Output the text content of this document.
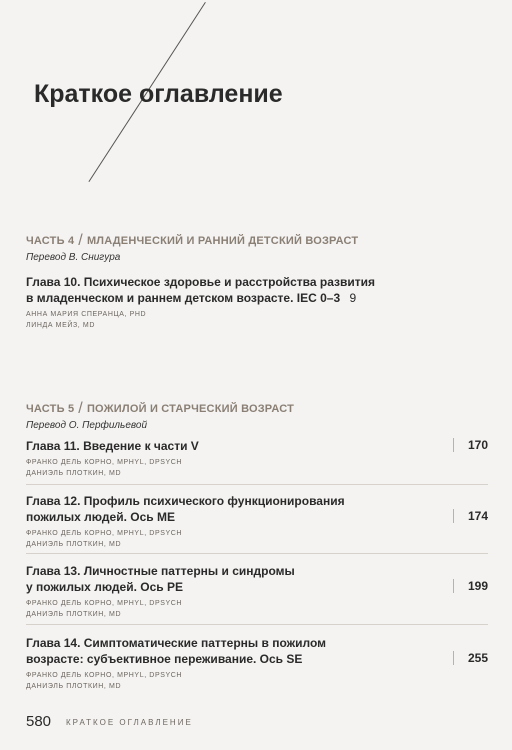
Краткое оглавление
ЧАСТЬ 4 / МЛАДЕНЧЕСКИЙ И РАННИЙ ДЕТСКИЙ ВОЗРАСТ
Перевод В. Снигура
Глава 10. Психическое здоровье и расстройства развития в младенческом и раннем детском возрасте. IEC 0–3 9
АННА МАРИЯ СПЕРАНЦА, PHD
ЛИНДА МЕЙЗ, MD
ЧАСТЬ 5 / ПОЖИЛОЙ И СТАРЧЕСКИЙ ВОЗРАСТ
Перевод О. Перфильевой
Глава 11. Введение к части V	170
ФРАНКО ДЕЛЬ КОРНО, MPHYL, DPSYCH
ДАНИЭЛЬ ПЛОТКИН, MD
Глава 12. Профиль психического функционирования пожилых людей. Ось МЕ	174
ФРАНКО ДЕЛЬ КОРНО, MPHYL, DPSYCH
ДАНИЭЛЬ ПЛОТКИН, MD
Глава 13. Личностные паттерны и синдромы у пожилых людей. Ось PE	199
ФРАНКО ДЕЛЬ КОРНО, MPHYL, DPSYCH
ДАНИЭЛЬ ПЛОТКИН, MD
Глава 14. Симптоматические паттерны в пожилом возрасте: субъективное переживание. Ось SE	255
ФРАНКО ДЕЛЬ КОРНО, MPHYL, DPSYCH
ДАНИЭЛЬ ПЛОТКИН, MD
580 КРАТКОЕ ОГЛАВЛЕНИЕ
